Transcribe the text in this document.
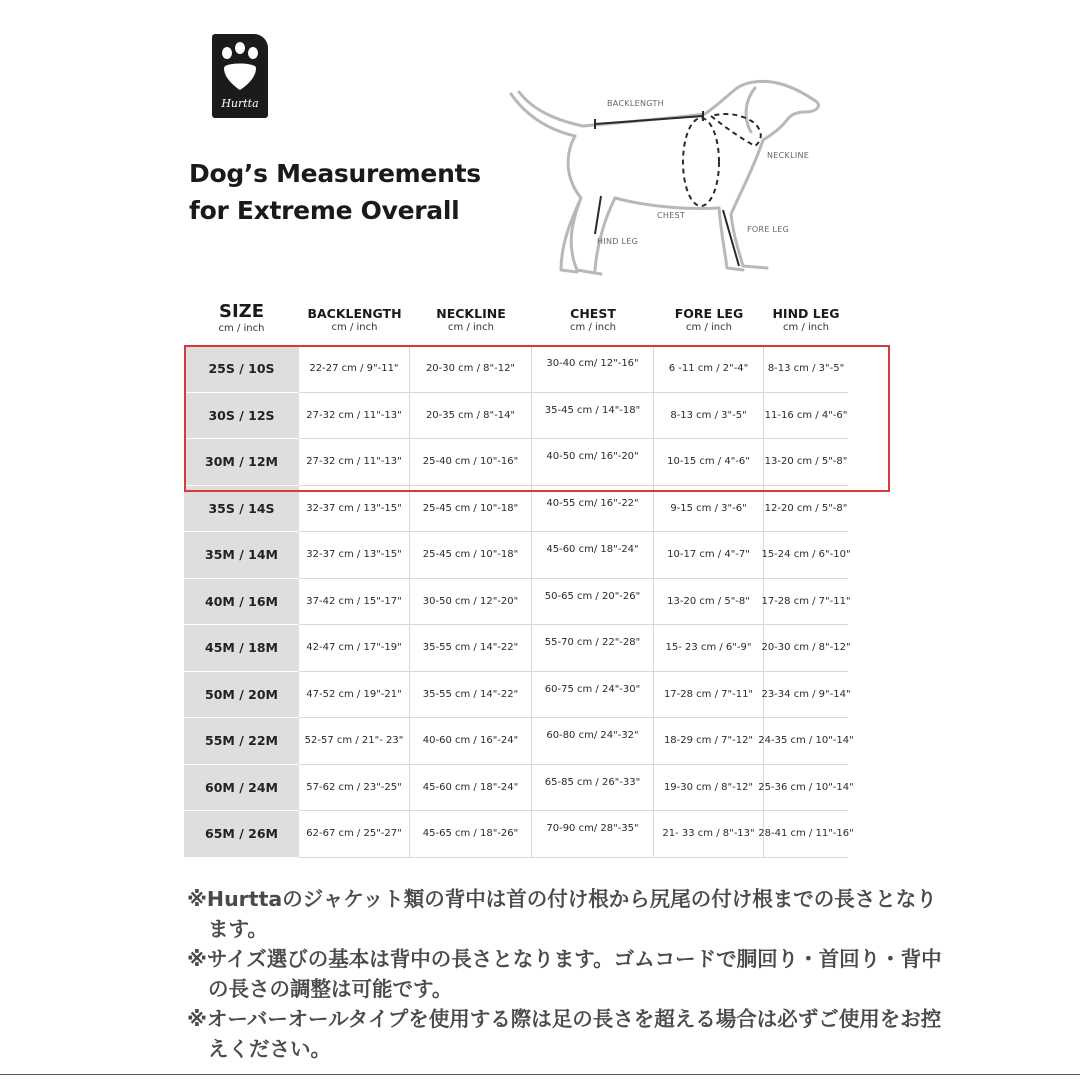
Hurtta
Dog’s Measurements
for Extreme Overall
BACKLENGTH
NECKLINE
CHEST
FORE LEG
HIND LEG
SIZE
cm / inch
BACKLENGTH
cm / inch
NECKLINE
cm / inch
CHEST
cm / inch
FORE LEG
cm / inch
HIND LEG
cm / inch
25S / 10S	22-27 cm / 9"-11"	20-30 cm / 8"-12"	30-40 cm/ 12"-16"	6 -11 cm / 2"-4"	8-13 cm / 3"-5"
30S / 12S	27-32 cm / 11"-13"	20-35 cm / 8"-14"	35-45 cm / 14"-18"	8-13 cm / 3"-5"	11-16 cm / 4"-6"
30M / 12M	27-32 cm / 11"-13"	25-40 cm / 10"-16"	40-50 cm/ 16"-20"	10-15 cm / 4"-6"	13-20 cm / 5"-8"
35S / 14S	32-37 cm / 13"-15"	25-45 cm / 10"-18"	40-55 cm/ 16"-22"	9-15 cm / 3"-6"	12-20 cm / 5"-8"
35M / 14M	32-37 cm / 13"-15"	25-45 cm / 10"-18"	45-60 cm/ 18"-24"	10-17 cm / 4"-7"	15-24 cm / 6"-10"
40M / 16M	37-42 cm / 15"-17"	30-50 cm / 12"-20"	50-65 cm / 20"-26"	13-20 cm / 5"-8"	17-28 cm / 7"-11"
45M / 18M	42-47 cm / 17"-19"	35-55 cm / 14"-22"	55-70 cm / 22"-28"	15- 23 cm / 6"-9"	20-30 cm / 8"-12"
50M / 20M	47-52 cm / 19"-21"	35-55 cm / 14"-22"	60-75 cm / 24"-30"	17-28 cm / 7"-11" 23-34 cm / 9"-14"
55M / 22M	52-57 cm / 21"- 23"	40-60 cm / 16"-24"	60-80 cm/ 24"-32"	18-29 cm / 7"-12" 24-35 cm / 10"-14"
60M / 24M	57-62 cm / 23"-25"	45-60 cm / 18"-24"	65-85 cm / 26"-33"	19-30 cm / 8"-12" 25-36 cm / 10"-14"
65M / 26M	62-67 cm / 25"-27"	45-65 cm / 18"-26"	70-90 cm/ 28"-35"	21- 33 cm / 8"-13" 28-41 cm / 11"-16"

※Hurttaのジャケット類の背中は首の付け根から尻尾の付け根までの長さとなります。

※サイズ選びの基本は背中の長さとなります。ゴムコードで胴回り・首回り・背中の長さの調整は可能です。

※オーバーオールタイプを使用する際は足の長さを超える場合は必ずご使用をお控えください。
